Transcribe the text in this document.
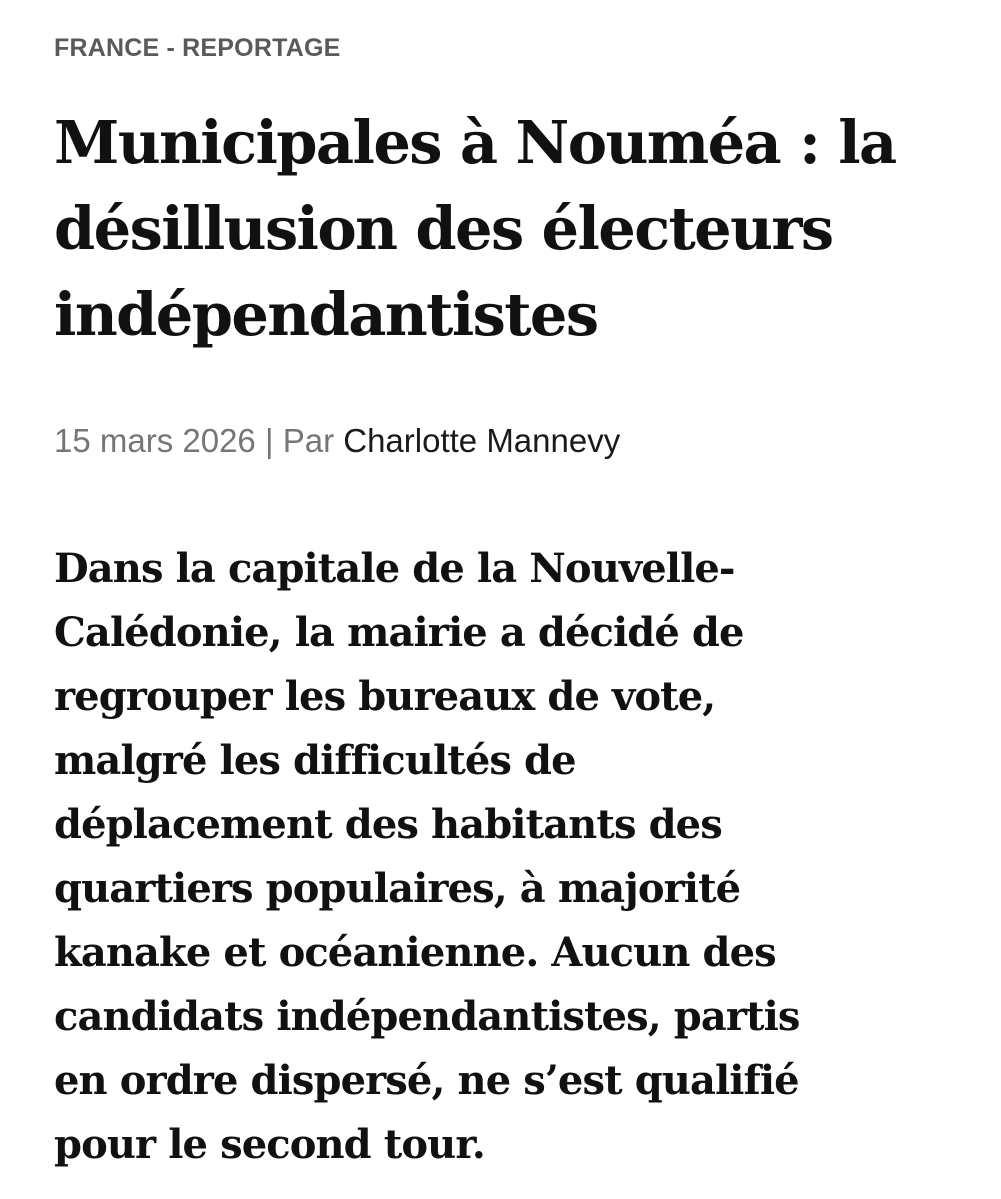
FRANCE - REPORTAGE
Municipales à Nouméa : la
désillusion des électeurs
indépendantistes
15 mars 2026 | Par Charlotte Mannevy

Dans la capitale de la Nouvelle-
Calédonie, la mairie a décidé de
regrouper les bureaux de vote,
malgré les difficultés de
déplacement des habitants des
quartiers populaires, à majorité
kanake et océanienne. Aucun des
candidats indépendantistes, partis
en ordre dispersé, ne s’est qualifié
pour le second tour.
